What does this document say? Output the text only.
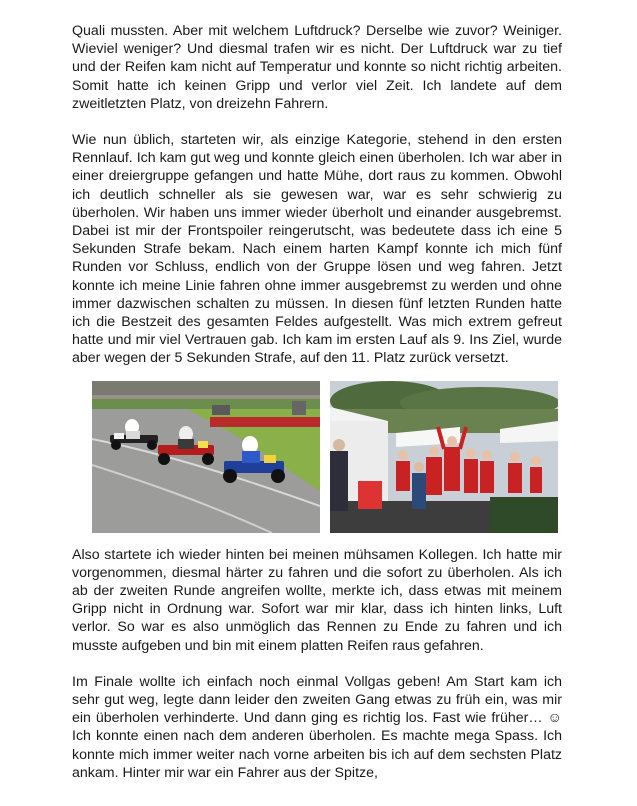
Quali mussten. Aber mit welchem Luftdruck? Derselbe wie zuvor? Weiniger. Wieviel weniger? Und diesmal trafen wir es nicht. Der Luftdruck war zu tief und der Reifen kam nicht auf Temperatur und konnte so nicht richtig arbeiten. Somit hatte ich keinen Gripp und verlor viel Zeit. Ich landete auf dem zweitletzten Platz, von dreizehn Fahrern.

Wie nun üblich, starteten wir, als einzige Kategorie, stehend in den ersten Rennlauf. Ich kam gut weg und konnte gleich einen überholen. Ich war aber in einer dreiergruppe gefangen und hatte Mühe, dort raus zu kommen. Obwohl ich deutlich schneller als sie gewesen war, war es sehr schwierig zu überholen. Wir haben uns immer wieder überholt und einander ausgebremst. Dabei ist mir der Frontspoiler reingerutscht, was bedeutete dass ich eine 5 Sekunden Strafe bekam. Nach einem harten Kampf konnte ich mich fünf Runden vor Schluss, endlich von der Gruppe lösen und weg fahren. Jetzt konnte ich meine Linie fahren ohne immer ausgebremst zu werden und ohne immer dazwischen schalten zu müssen. In diesen fünf letzten Runden hatte ich die Bestzeit des gesamten Feldes aufgestellt. Was mich extrem gefreut hatte und mir viel Vertrauen gab. Ich kam im ersten Lauf als 9. Ins Ziel, wurde aber wegen der 5 Sekunden Strafe, auf den 11. Platz zurück versetzt.

Also startete ich wieder hinten bei meinen mühsamen Kollegen. Ich hatte mir vorgenommen, diesmal härter zu fahren und die sofort zu überholen. Als ich ab der zweiten Runde angreifen wollte, merkte ich, dass etwas mit meinem Gripp nicht in Ordnung war. Sofort war mir klar, dass ich hinten links, Luft verlor. So war es also unmöglich das Rennen zu Ende zu fahren und ich musste aufgeben und bin mit einem platten Reifen raus gefahren.

Im Finale wollte ich einfach noch einmal Vollgas geben! Am Start kam ich sehr gut weg, legte dann leider den zweiten Gang etwas zu früh ein, was mir ein überholen verhinderte. Und dann ging es richtig los. Fast wie früher… ☺ Ich konnte einen nach dem anderen überholen. Es machte mega Spass. Ich konnte mich immer weiter nach vorne arbeiten bis ich auf dem sechsten Platz ankam. Hinter mir war ein Fahrer aus der Spitze,
